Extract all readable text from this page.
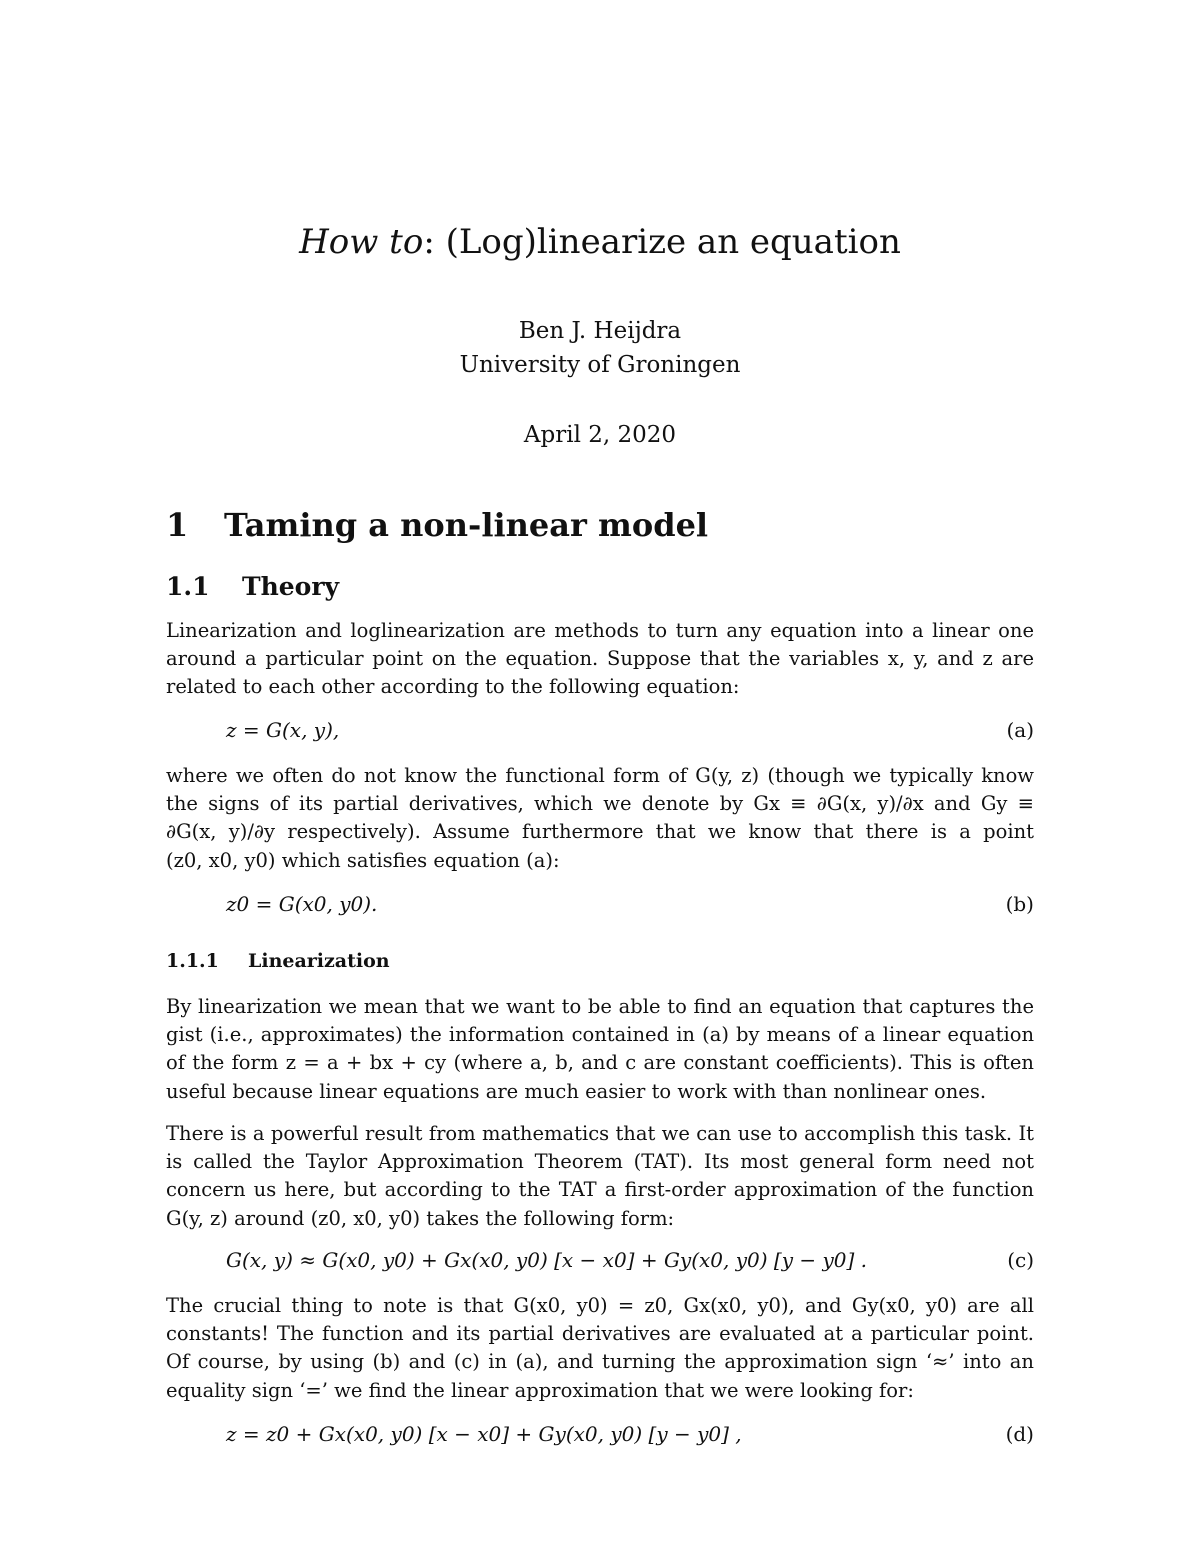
How to: (Log)linearize an equation
Ben J. Heijdra
University of Groningen
April 2, 2020
1 Taming a non-linear model
1.1 Theory

Linearization and loglinearization are methods to turn any equation into a linear one
around a particular point on the equation. Suppose that the variables x, y, and z are
related to each other according to the following equation:

z = G(x, y),	(a)

where we often do not know the functional form of G(y, z) (though we typically know
the signs of its partial derivatives, which we denote by Gx ≡ ∂G(x, y)/∂x and Gy ≡
∂G(x, y)/∂y respectively). Assume furthermore that we know that there is a point
(z0, x0, y0) which satisfies equation (a):

z0 = G(x0, y0).	(b)
1.1.1 Linearization

By linearization we mean that we want to be able to find an equation that captures the
gist (i.e., approximates) the information contained in (a) by means of a linear equation
of the form z = a + bx + cy (where a, b, and c are constant coefficients). This is often
useful because linear equations are much easier to work with than nonlinear ones.

There is a powerful result from mathematics that we can use to accomplish this task. It
is called the Taylor Approximation Theorem (TAT). Its most general form need not
concern us here, but according to the TAT a first-order approximation of the function
G(y, z) around (z0, x0, y0) takes the following form:

G(x, y) ≈ G(x0, y0) + Gx(x0, y0) [x − x0] + Gy(x0, y0) [y − y0] .	(c)

The crucial thing to note is that G(x0, y0) = z0, Gx(x0, y0), and Gy(x0, y0) are all
constants! The function and its partial derivatives are evaluated at a particular point.
Of course, by using (b) and (c) in (a), and turning the approximation sign ‘≈’ into an
equality sign ‘=’ we find the linear approximation that we were looking for:

z = z0 + Gx(x0, y0) [x − x0] + Gy(x0, y0) [y − y0] ,	(d)
